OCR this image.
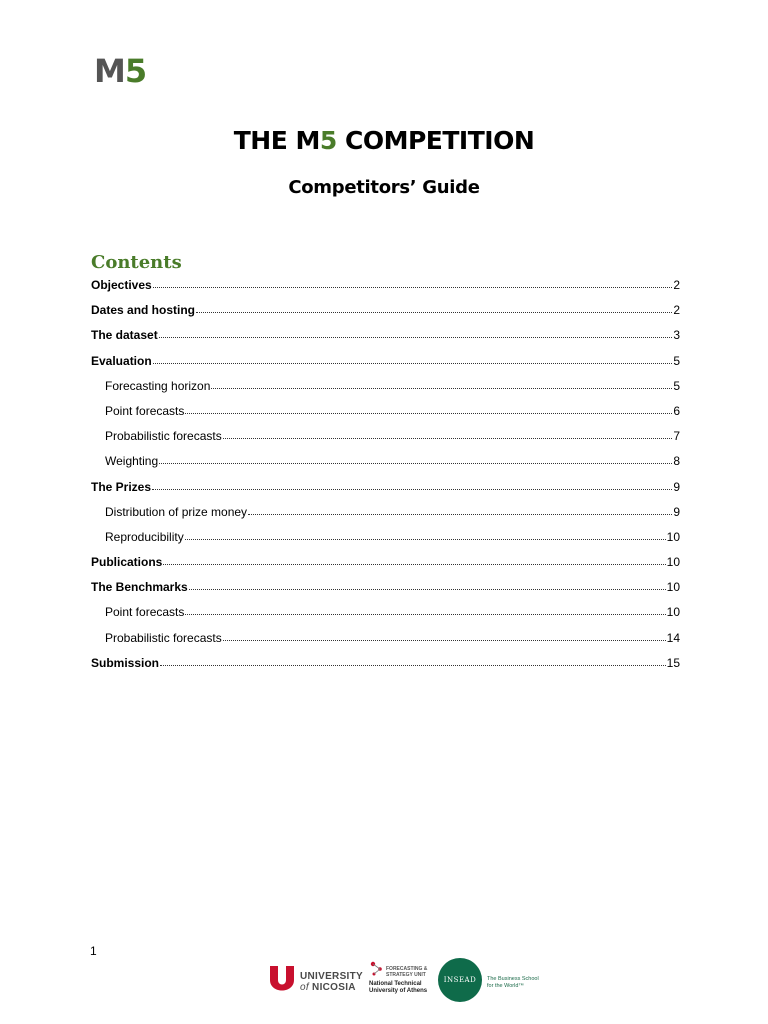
M5
THE M5 COMPETITION
Competitors’ Guide
Contents
Objectives	2
Dates and hosting	2
The dataset	3
Evaluation	5
Forecasting horizon	5
Point forecasts	6
Probabilistic forecasts	7
Weighting	8
The Prizes	9
Distribution of prize money	9
Reproducibility	10
Publications	10
The Benchmarks	10
Point forecasts	10
Probabilistic forecasts	14
Submission	15
1
UNIVERSITY
of NICOSIA
FORECASTING &
STRATEGY UNIT
National Technical
University of Athens
INSEAD	The Business School
for the World™
